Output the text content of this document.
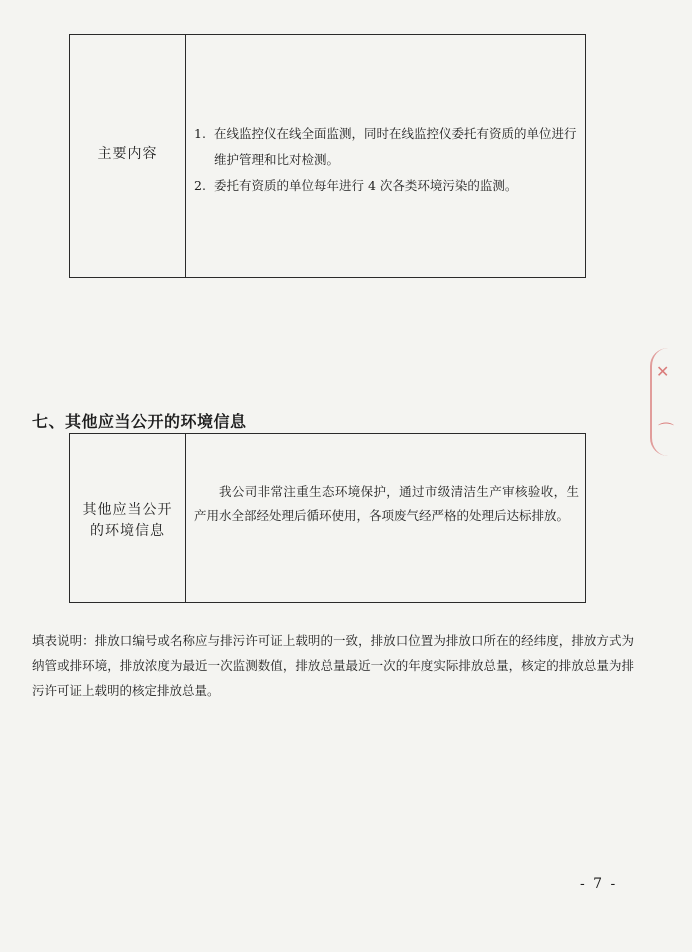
主要内容
1. 在线监控仪在线全面监测，同时在线监控仪委托有资质的单位进行维护管理和比对检测。
2. 委托有资质的单位每年进行 4 次各类环境污染的监测。
✕
⌒
七、其他应当公开的环境信息
其他应当公开
的环境信息
我公司非常注重生态环境保护，通过市级清洁生产审核验收，生产用水全部经处理后循环使用，各项废气经严格的处理后达标排放。
填表说明：排放口编号或名称应与排污许可证上载明的一致，排放口位置为排放口所在的经纬度，排放方式为纳管或排环境，排放浓度为最近一次监测数值，排放总量最近一次的年度实际排放总量，核定的排放总量为排污许可证上载明的核定排放总量。
- 7 -
